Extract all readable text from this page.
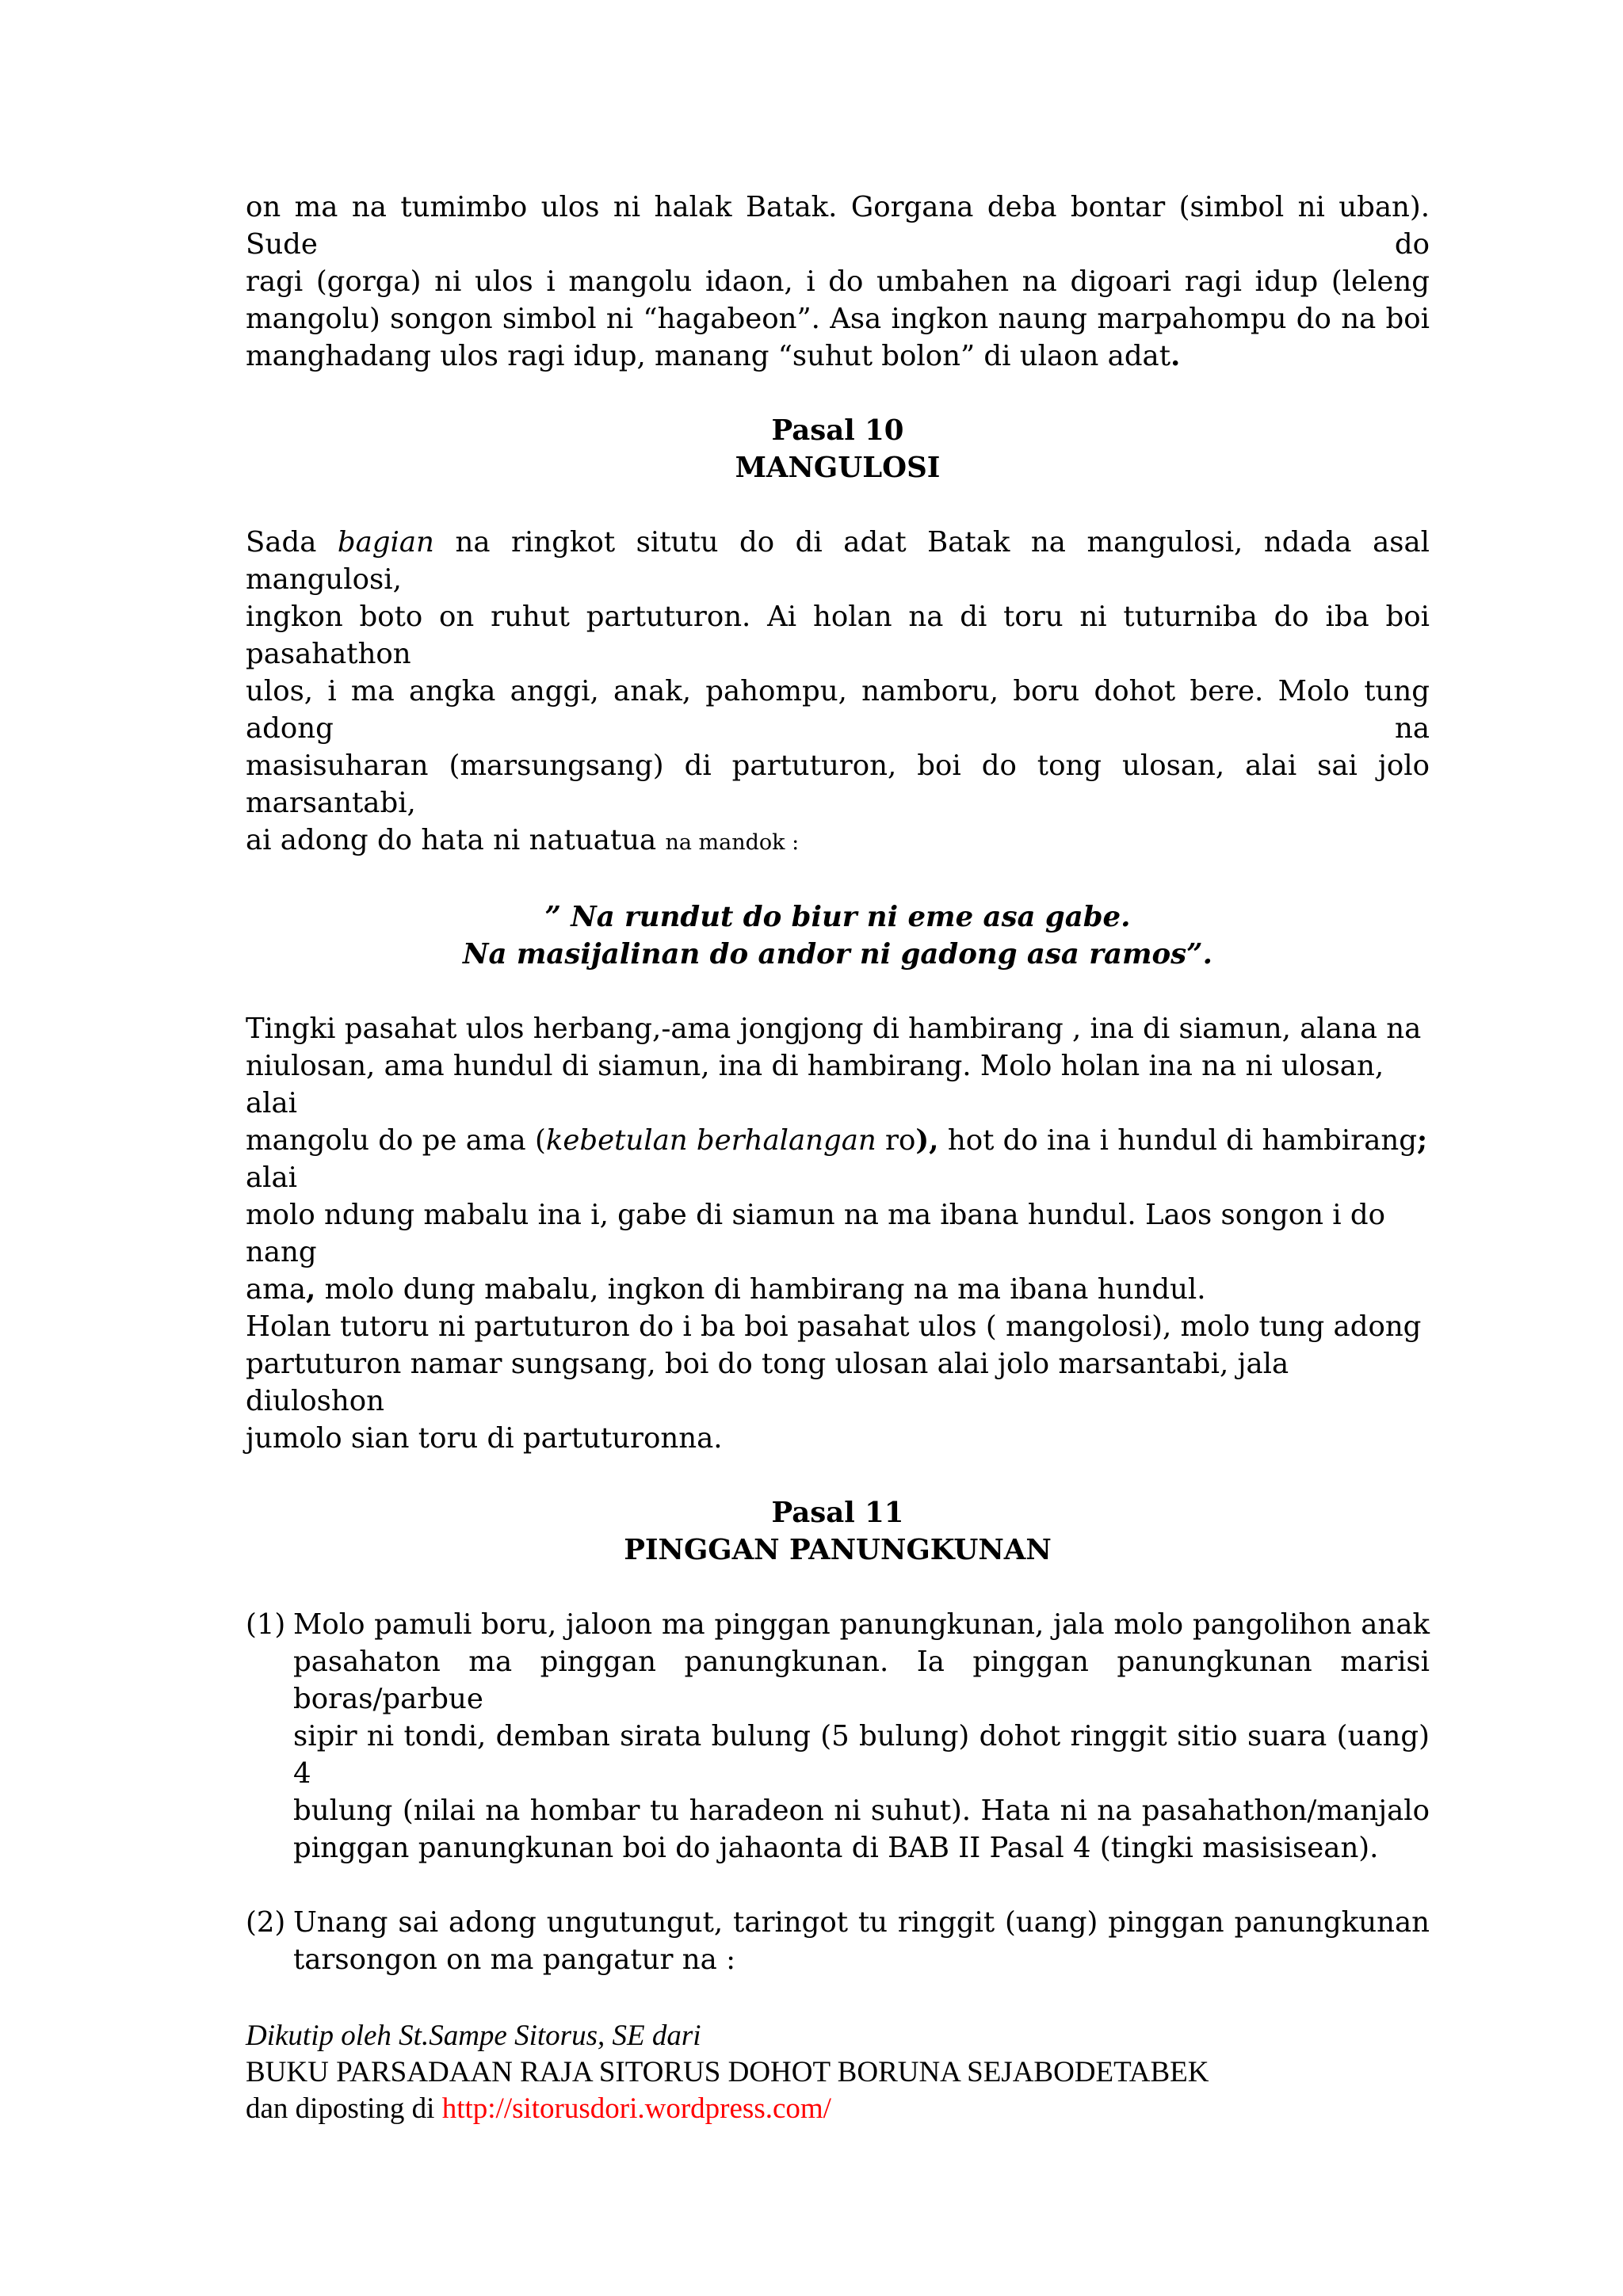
on ma na tumimbo ulos ni halak Batak. Gorgana deba bontar (simbol ni uban). Sude do
ragi (gorga) ni ulos i mangolu idaon, i do umbahen na digoari ragi idup (leleng
mangolu) songon simbol ni “hagabeon”. Asa ingkon naung marpahompu do na boi
manghadang ulos ragi idup, manang “suhut bolon” di ulaon adat.

Pasal 10

MANGULOSI

Sada bagian na ringkot situtu do di adat Batak na mangulosi, ndada asal mangulosi,
ingkon boto on ruhut partuturon. Ai holan na di toru ni tuturniba do iba boi pasahathon
ulos, i ma angka anggi, anak, pahompu, namboru, boru dohot bere. Molo tung adong na
masisuharan (marsungsang) di partuturon, boi do tong ulosan, alai sai jolo marsantabi,
ai adong do hata ni natuatua na mandok :

” Na rundut do biur ni eme asa gabe.

Na masijalinan do andor ni gadong asa ramos”.

Tingki pasahat ulos herbang,-ama jongjong di hambirang , ina di siamun, alana na
niulosan, ama hundul di siamun, ina di hambirang. Molo holan ina na ni ulosan, alai
mangolu do pe ama (kebetulan berhalangan ro), hot do ina i hundul di hambirang; alai
molo ndung mabalu ina i, gabe di siamun na ma ibana hundul. Laos songon i do nang
ama, molo dung mabalu, ingkon di hambirang na ma ibana hundul.
Holan tutoru ni partuturon do i ba boi pasahat ulos ( mangolosi), molo tung adong
partuturon namar sungsang, boi do tong ulosan alai jolo marsantabi, jala diuloshon
jumolo sian toru di partuturonna.

Pasal 11

PINGGAN PANUNGKUNAN

(1) Molo pamuli boru, jaloon ma pinggan panungkunan, jala molo pangolihon anak
pasahaton ma pinggan panungkunan. Ia pinggan panungkunan marisi boras/parbue
sipir ni tondi, demban sirata bulung (5 bulung) dohot ringgit sitio suara (uang) 4
bulung (nilai na hombar tu haradeon ni suhut). Hata ni na pasahathon/manjalo
pinggan panungkunan boi do jahaonta di BAB II Pasal 4 (tingki masisisean).
(2) Unang sai adong ungutungut, taringot tu ringgit (uang) pinggan panungkunan
tarsongon on ma pangatur na :

Dikutip oleh St.Sampe Sitorus, SE dari

BUKU PARSADAAN RAJA SITORUS DOHOT BORUNA SEJABODETABEK

dan diposting di http://sitorusdori.wordpress.com/
